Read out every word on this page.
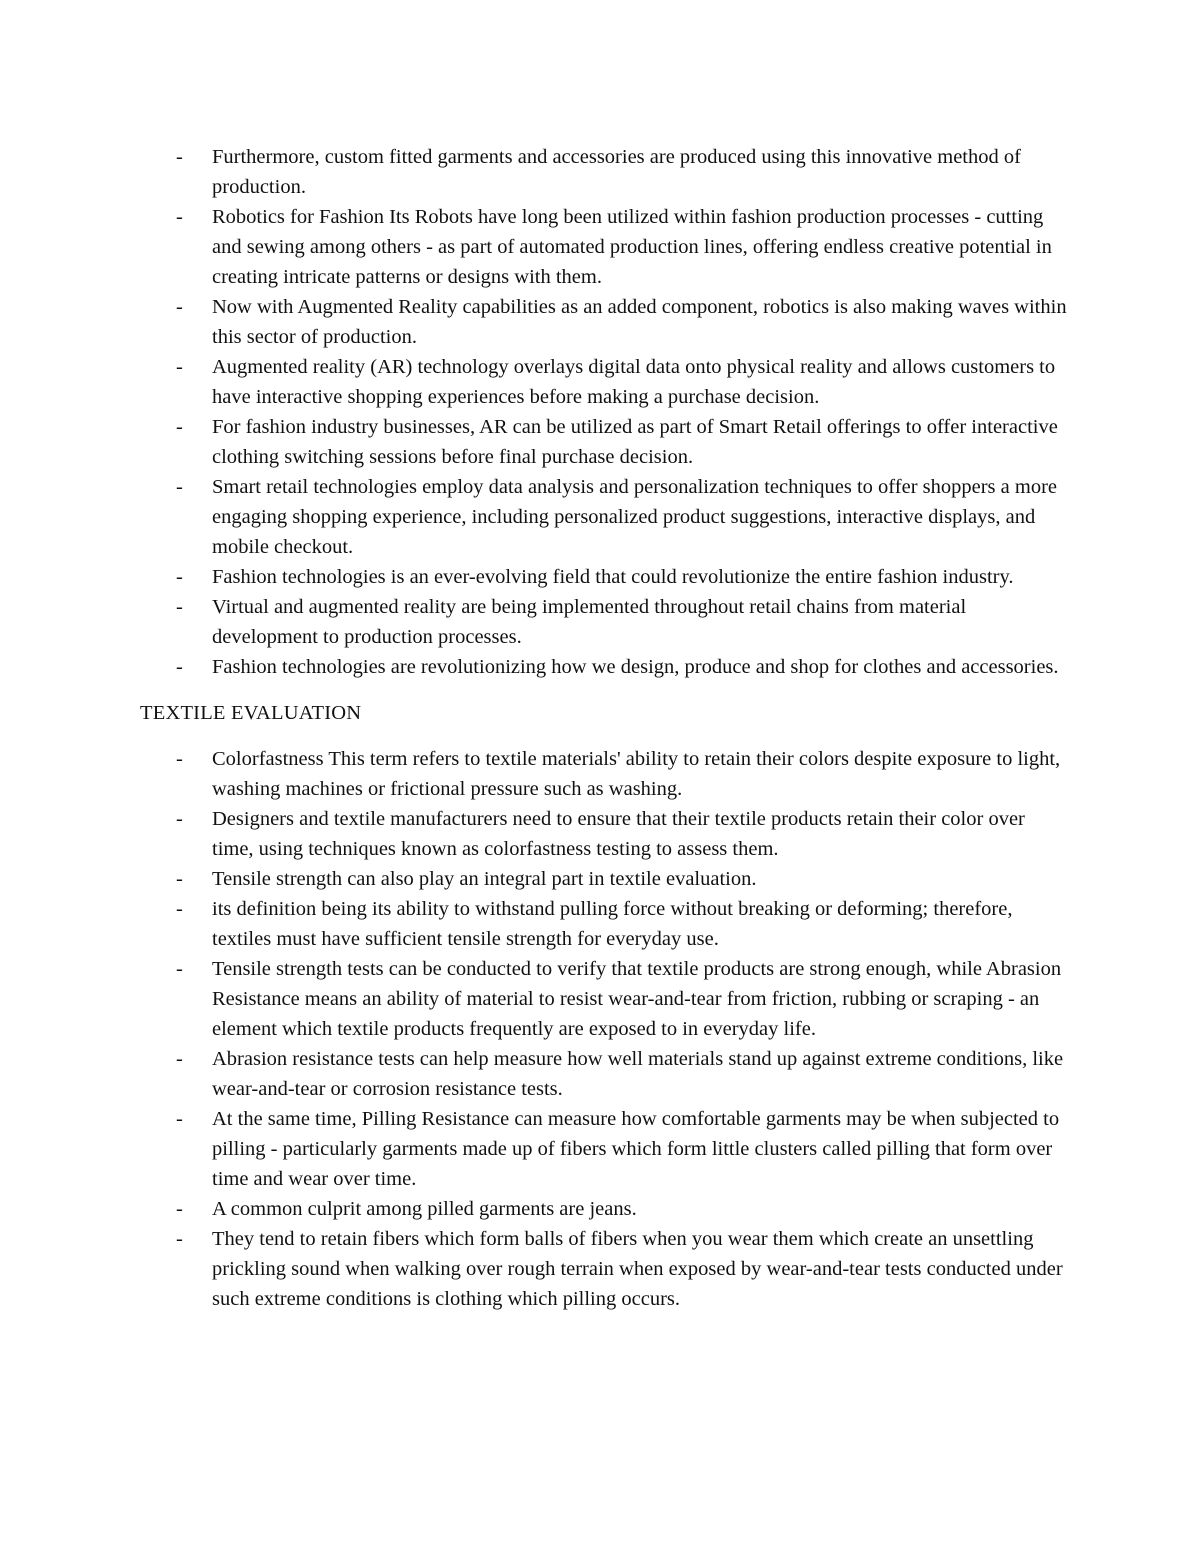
-	Furthermore, custom fitted garments and accessories are produced using this innovative method of production.
-	Robotics for Fashion Its Robots have long been utilized within fashion production processes - cutting and sewing among others - as part of automated production lines, offering endless creative potential in creating intricate patterns or designs with them.
-	Now with Augmented Reality capabilities as an added component, robotics is also making waves within this sector of production.
-	Augmented reality (AR) technology overlays digital data onto physical reality and allows customers to have interactive shopping experiences before making a purchase decision.
-	For fashion industry businesses, AR can be utilized as part of Smart Retail offerings to offer interactive clothing switching sessions before final purchase decision.
-	Smart retail technologies employ data analysis and personalization techniques to offer shoppers a more engaging shopping experience, including personalized product suggestions, interactive displays, and mobile checkout.
-	Fashion technologies is an ever-evolving field that could revolutionize the entire fashion industry.
-	Virtual and augmented reality are being implemented throughout retail chains from material development to production processes.
-	Fashion technologies are revolutionizing how we design, produce and shop for clothes and accessories.
TEXTILE EVALUATION
-	Colorfastness This term refers to textile materials' ability to retain their colors despite exposure to light, washing machines or frictional pressure such as washing.
-	Designers and textile manufacturers need to ensure that their textile products retain their color over time, using techniques known as colorfastness testing to assess them.
-	Tensile strength can also play an integral part in textile evaluation.
-	its definition being its ability to withstand pulling force without breaking or deforming; therefore, textiles must have sufficient tensile strength for everyday use.
-	Tensile strength tests can be conducted to verify that textile products are strong enough, while Abrasion Resistance means an ability of material to resist wear-and-tear from friction, rubbing or scraping - an element which textile products frequently are exposed to in everyday life.
-	Abrasion resistance tests can help measure how well materials stand up against extreme conditions, like wear-and-tear or corrosion resistance tests.
-	At the same time, Pilling Resistance can measure how comfortable garments may be when subjected to pilling - particularly garments made up of fibers which form little clusters called pilling that form over time and wear over time.
-	A common culprit among pilled garments are jeans.
-	They tend to retain fibers which form balls of fibers when you wear them which create an unsettling prickling sound when walking over rough terrain when exposed by wear-and-tear tests conducted under such extreme conditions is clothing which pilling occurs.
